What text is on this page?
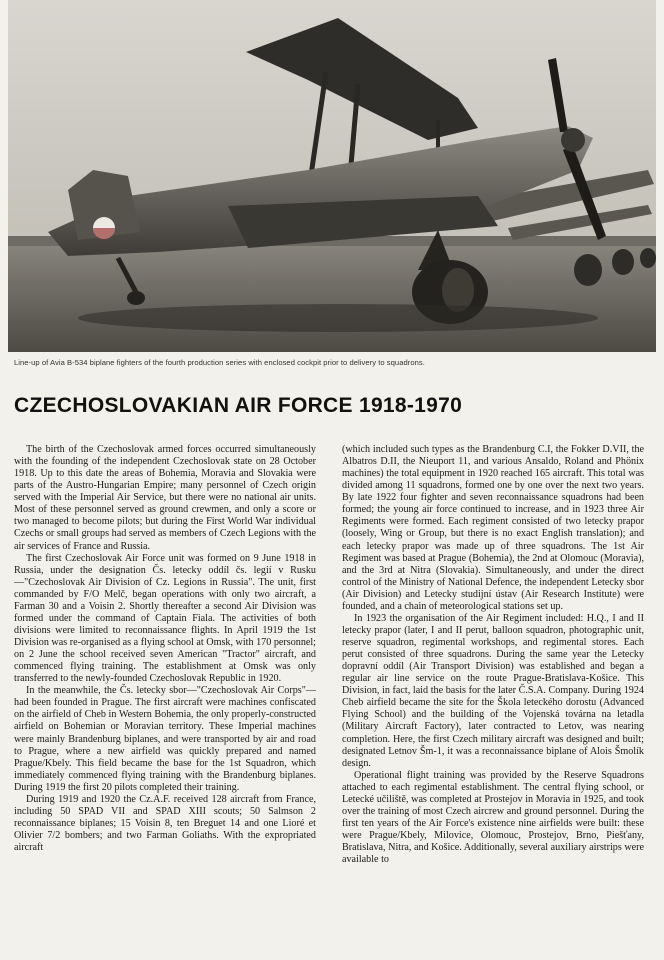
Line-up of Avia B-534 biplane fighters of the fourth production series with enclosed cockpit prior to delivery to squadrons.
CZECHOSLOVAKIAN AIR FORCE 1918-1970

The birth of the Czechoslovak armed forces occurred simultaneously with the founding of the independent Czechoslovak state on 28 October 1918. Up to this date the areas of Bohemia, Moravia and Slovakia were parts of the Austro-Hungarian Empire; many personnel of Czech origin served with the Imperial Air Service, but there were no national air units. Most of these personnel served as ground crewmen, and only a score or two managed to become pilots; but during the First World War individual Czechs or small groups had served as members of Czech Legions with the air services of France and Russia.

The first Czechoslovak Air Force unit was formed on 9 June 1918 in Russia, under the designation Čs. letecky oddíl čs. legií v Rusku—"Czechoslovak Air Division of Cz. Legions in Russia". The unit, first commanded by F/O Melč, began operations with only two aircraft, a Farman 30 and a Voisin 2. Shortly thereafter a second Air Division was formed under the command of Captain Fiala. The activities of both divisions were limited to reconnaissance flights. In April 1919 the 1st Division was re-organised as a flying school at Omsk, with 170 personnel; on 2 June the school received seven American "Tractor" aircraft, and commenced flying training. The establishment at Omsk was only transferred to the newly-founded Czechoslovak Republic in 1920.

In the meanwhile, the Čs. letecky sbor—"Czechoslovak Air Corps"—had been founded in Prague. The first aircraft were machines confiscated on the airfield of Cheb in Western Bohemia, the only properly-constructed airfield on Bohemian or Moravian territory. These Imperial machines were mainly Brandenburg biplanes, and were transported by air and road to Prague, where a new airfield was quickly prepared and named Prague/Kbely. This field became the base for the 1st Squadron, which immediately commenced flying training with the Brandenburg biplanes. During 1919 the first 20 pilots completed their training.

During 1919 and 1920 the Cz.A.F. received 128 aircraft from France, including 50 SPAD VII and SPAD XIII scouts; 50 Salmson 2 reconnaissance biplanes; 15 Voisin 8, ten Breguet 14 and one Lioré et Olivier 7/2 bombers; and two Farman Goliaths. With the expropriated aircraft

(which included such types as the Brandenburg C.I, the Fokker D.VII, the Albatros D.II, the Nieuport 11, and various Ansaldo, Roland and Phönix machines) the total equipment in 1920 reached 165 aircraft. This total was divided among 11 squadrons, formed one by one over the next two years. By late 1922 four fighter and seven reconnaissance squadrons had been formed; the young air force continued to increase, and in 1923 three Air Regiments were formed. Each regiment consisted of two letecky prapor (loosely, Wing or Group, but there is no exact English translation); and each letecky prapor was made up of three squadrons. The 1st Air Regiment was based at Prague (Bohemia), the 2nd at Olomouc (Moravia), and the 3rd at Nitra (Slovakia). Simultaneously, and under the direct control of the Ministry of National Defence, the independent Letecky sbor (Air Division) and Letecky studijní ústav (Air Research Institute) were founded, and a chain of meteorological stations set up.

In 1923 the organisation of the Air Regiment included: H.Q., I and II letecky prapor (later, I and II perut, balloon squadron, photographic unit, reserve squadron, regimental workshops, and regimental stores. Each perut consisted of three squadrons. During the same year the Letecky dopravní oddíl (Air Transport Division) was established and began a regular air line service on the route Prague-Bratislava-Košice. This Division, in fact, laid the basis for the later Č.S.A. Company. During 1924 Cheb airfield became the site for the Škola leteckého dorostu (Advanced Flying School) and the building of the Vojenská továrna na letadla (Military Aircraft Factory), later contracted to Letov, was nearing completion. Here, the first Czech military aircraft was designed and built; designated Letnov Šm-1, it was a reconnaissance biplane of Alois Šmolík design.

Operational flight training was provided by the Reserve Squadrons attached to each regimental establishment. The central flying school, or Letecké učiliště, was completed at Prostejov in Moravia in 1925, and took over the training of most Czech aircrew and ground personnel. During the first ten years of the Air Force's existence nine airfields were built: these were Prague/Kbely, Milovice, Olomouc, Prostejov, Brno, Piešťany, Bratislava, Nitra, and Košice. Additionally, several auxiliary airstrips were available to
